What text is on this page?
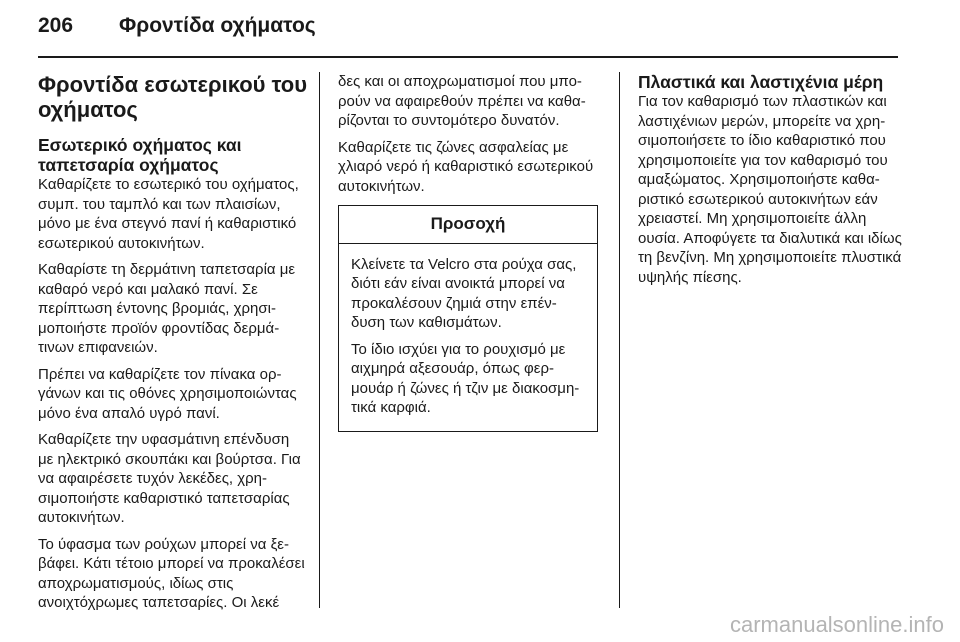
206 Φροντίδα οχήματος
Φροντίδα εσωτερικού του οχήματος
Εσωτερικό οχήματος και ταπετσαρία οχήματος

Καθαρίζετε το εσωτερικό του οχήματος, συμπ. του ταμπλό και των πλαισίων, μόνο με ένα στεγνό πανί ή καθαριστικό εσωτερικού αυτοκινήτων.

Καθαρίστε τη δερμάτινη ταπετσαρία με καθαρό νερό και μαλακό πανί. Σε περίπτωση έντονης βρομιάς, χρησιμοποιήστε προϊόν φροντίδας δερμάτινων επιφανειών.

Πρέπει να καθαρίζετε τον πίνακα οργάνων και τις οθόνες χρησιμοποιώντας μόνο ένα απαλό υγρό πανί.

Καθαρίζετε την υφασμάτινη επένδυση με ηλεκτρικό σκουπάκι και βούρτσα. Για να αφαιρέσετε τυχόν λεκέδες, χρησιμοποιήστε καθαριστικό ταπετσαρίας αυτοκινήτων.

Το ύφασμα των ρούχων μπορεί να ξεβάφει. Κάτι τέτοιο μπορεί να προκαλέσει αποχρωματισμούς, ιδίως στις ανοιχτόχρωμες ταπετσαρίες. Οι λεκέ

δες και οι αποχρωματισμοί που μπορούν να αφαιρεθούν πρέπει να καθαρίζονται το συντομότερο δυνατόν.

Καθαρίζετε τις ζώνες ασφαλείας με χλιαρό νερό ή καθαριστικό εσωτερικού αυτοκινήτων.

Προσοχή

Κλείνετε τα Velcro στα ρούχα σας, διότι εάν είναι ανοικτά μπορεί να προκαλέσουν ζημιά στην επένδυση των καθισμάτων.

Το ίδιο ισχύει για το ρουχισμό με αιχμηρά αξεσουάρ, όπως φερμουάρ ή ζώνες ή τζιν με διακοσμητικά καρφιά.

Πλαστικά και λαστιχένια μέρη

Για τον καθαρισμό των πλαστικών και λαστιχένιων μερών, μπορείτε να χρησιμοποιήσετε το ίδιο καθαριστικό που χρησιμοποιείτε για τον καθαρισμό του αμαξώματος. Χρησιμοποιήστε καθαριστικό εσωτερικού αυτοκινήτων εάν χρειαστεί. Μη χρησιμοποιείτε άλλη ουσία. Αποφύγετε τα διαλυτικά και ιδίως τη βενζίνη. Μη χρησιμοποιείτε πλυστικά υψηλής πίεσης.

carmanualsonline.info
